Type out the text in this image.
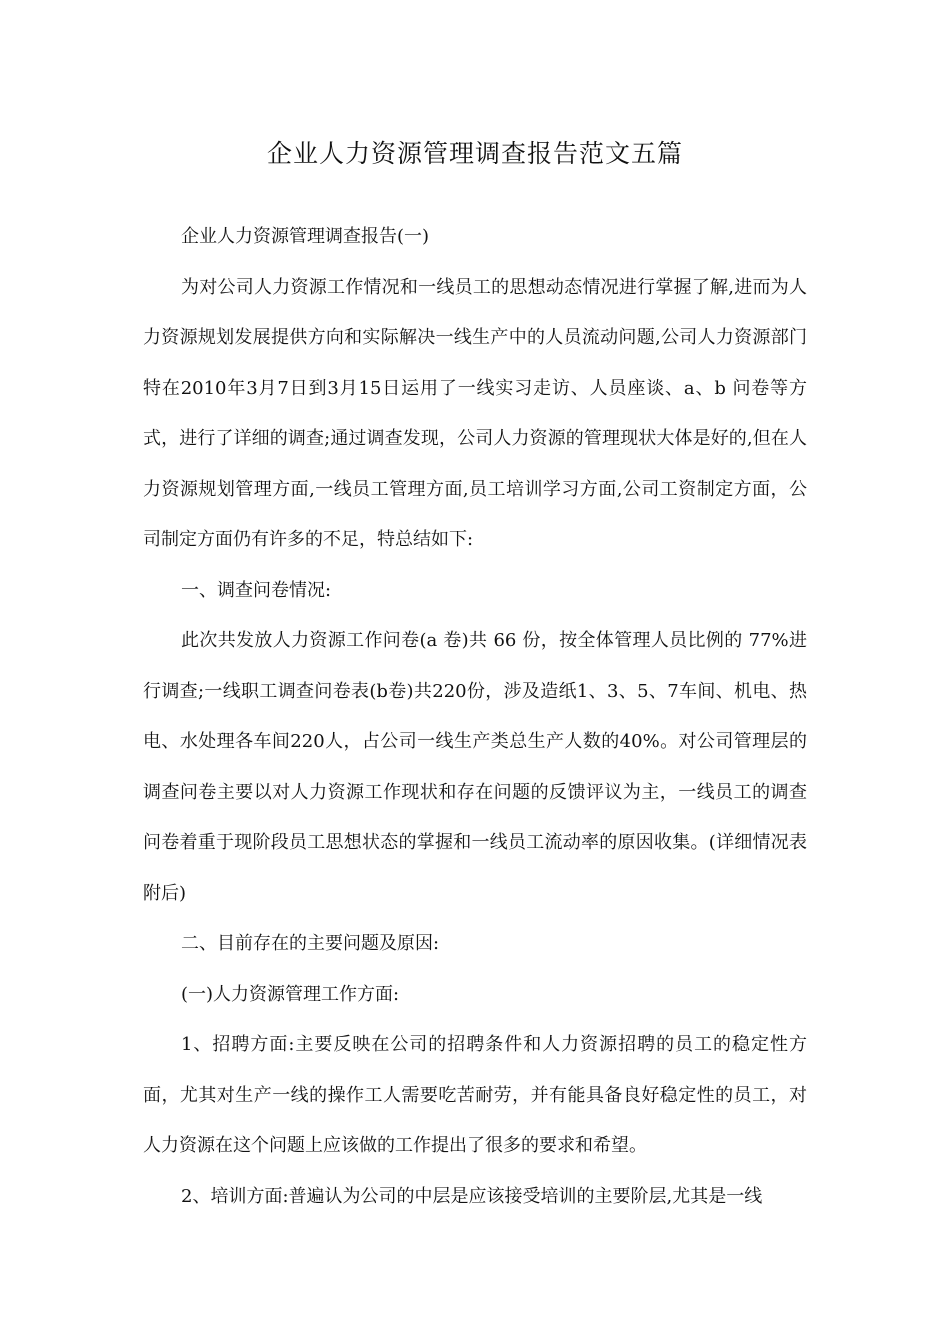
企业人力资源管理调查报告范文五篇

企业人力资源管理调查报告(一)

为对公司人力资源工作情况和一线员工的思想动态情况进行掌握了解,进而为人力资源规划发展提供方向和实际解决一线生产中的人员流动问题,公司人力资源部门特在2010年3月7日到3月15日运用了一线实习走访、人员座谈、a、b 问卷等方式，进行了详细的调查;通过调查发现，公司人力资源的管理现状大体是好的,但在人力资源规划管理方面,一线员工管理方面,员工培训学习方面,公司工资制定方面，公司制定方面仍有许多的不足，特总结如下:

一、调查问卷情况:

此次共发放人力资源工作问卷(a 卷)共 66 份，按全体管理人员比例的 77%进行调查;一线职工调查问卷表(b卷)共220份，涉及造纸1、3、5、7车间、机电、热电、水处理各车间220人，占公司一线生产类总生产人数的40%。对公司管理层的调查问卷主要以对人力资源工作现状和存在问题的反馈评议为主，一线员工的调查问卷着重于现阶段员工思想状态的掌握和一线员工流动率的原因收集。(详细情况表附后)

二、目前存在的主要问题及原因:

(一)人力资源管理工作方面:

1、招聘方面:主要反映在公司的招聘条件和人力资源招聘的员工的稳定性方面，尤其对生产一线的操作工人需要吃苦耐劳，并有能具备良好稳定性的员工，对人力资源在这个问题上应该做的工作提出了很多的要求和希望。

2、培训方面:普遍认为公司的中层是应该接受培训的主要阶层,尤其是一线
